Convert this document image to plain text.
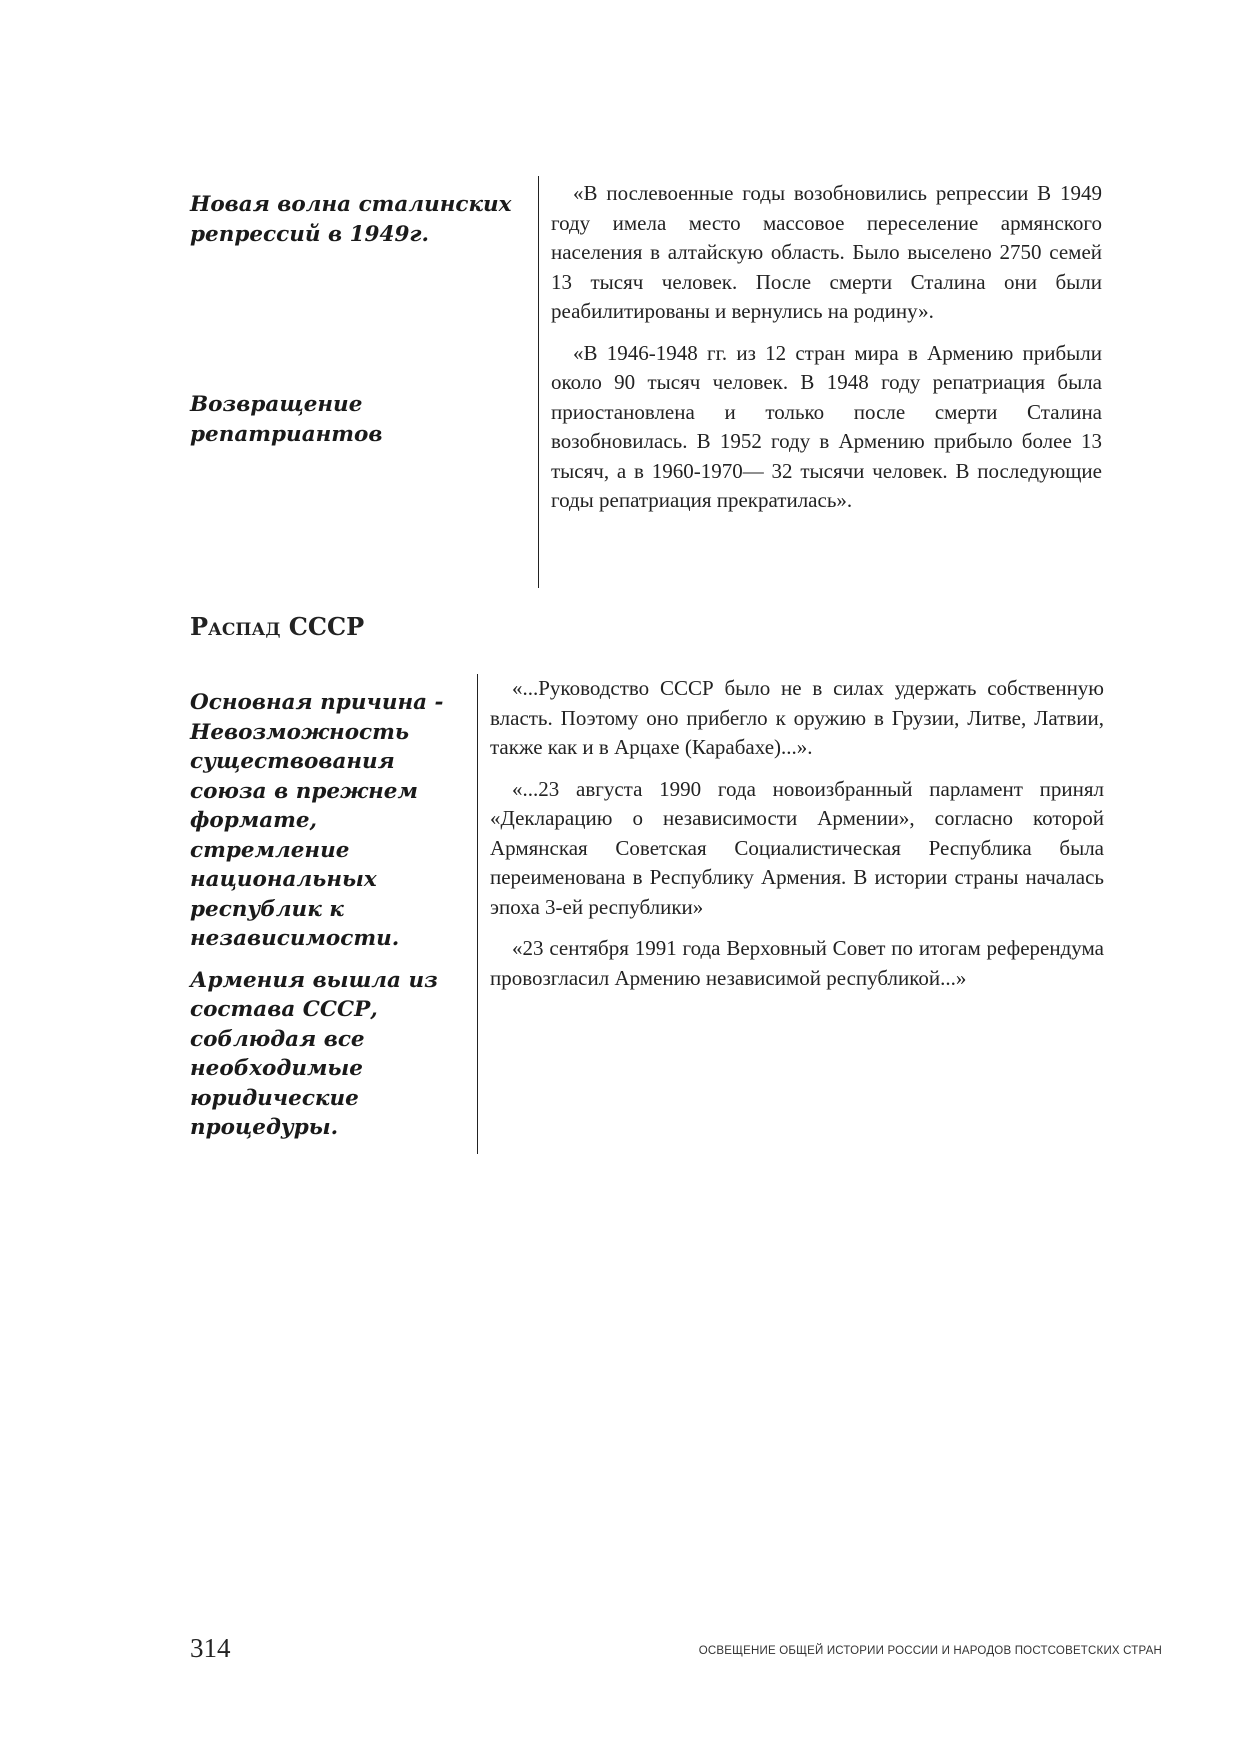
Новая волна сталинских репрессий в 1949г.

Возвращение репатриантов

«В послевоенные годы возобновились репрессии В 1949 году имела место массовое переселение армянского населения в алтайскую область. Было выселено 2750 семей 13 тысяч человек. После смерти Сталина они были реабилитированы и вернулись на родину».

«В 1946-1948 гг. из 12 стран мира в Армению прибыли около 90 тысяч человек. В 1948 году репатриация была приостановлена и только после смерти Сталина возобновилась. В 1952 году в Армению прибыло более 13 тысяч, а в 1960-1970— 32 тысячи человек. В последующие годы репатриация прекратилась».

Распад СССР

Основная причина - Невозможность существования союза в прежнем формате, стремление национальных республик к независимости.

Армения вышла из состава СССР, соблюдая все необходимые юридические процедуры.

«...Руководство СССР было не в силах удержать собственную власть. Поэтому оно прибегло к оружию в Грузии, Литве, Латвии, также как и в Арцахе (Карабахе)...».

«...23 августа 1990 года новоизбранный парламент принял «Декларацию о независимости Армении», согласно которой Армянская Советская Социалистическая Республика была переименована в Республику Армения. В истории страны началась эпоха 3-ей республики»

«23 сентября 1991 года Верховный Совет по итогам референдума провозгласил Армению независимой республикой...»

314	ОСВЕЩЕНИЕ ОБЩЕЙ ИСТОРИИ РОССИИ И НАРОДОВ ПОСТСОВЕТСКИХ СТРАН
